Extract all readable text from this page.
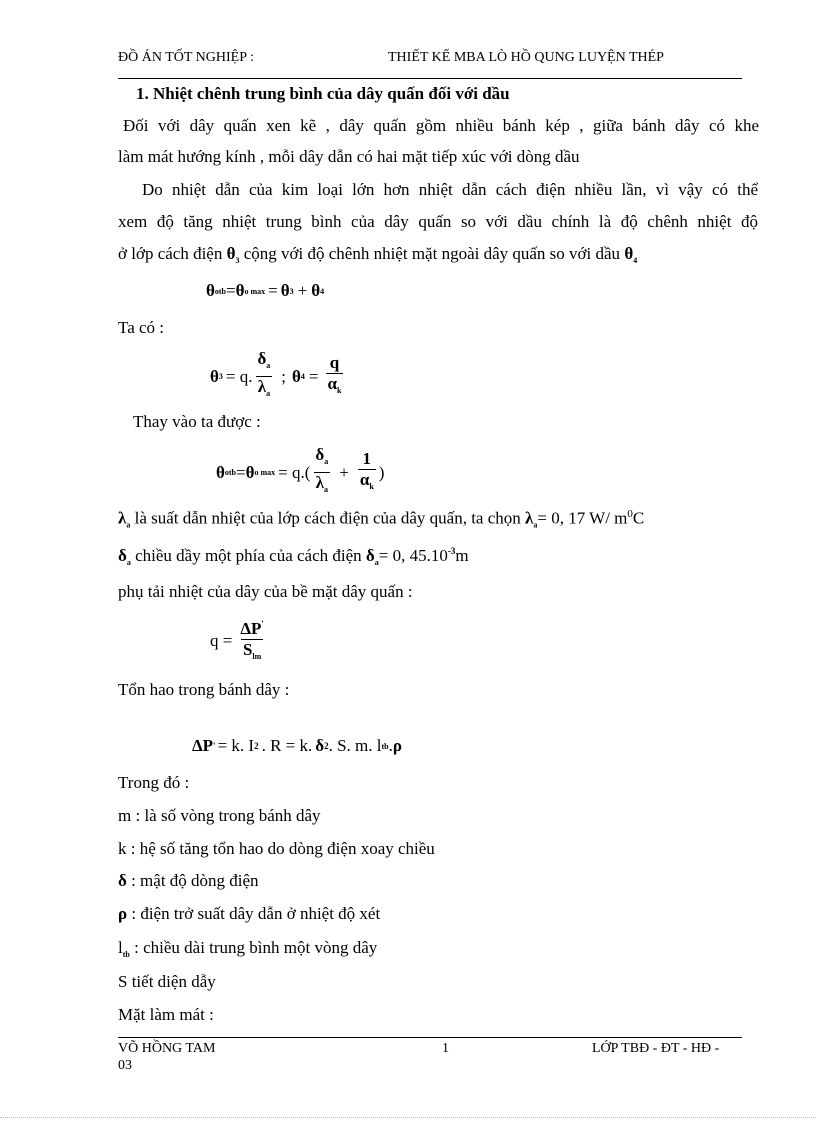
ĐỒ ÁN TỐT NGHIỆP :	THIẾT KẾ MBA LÒ HỒ QUNG LUYỆN THÉP
1. Nhiệt chênh trung bình của dây quấn đối với dầu
Đối với dây quấn xen kẽ , dây quấn gồm nhiều bánh kép , giữa bánh dây có khe
làm mát hướng kính , mỗi dây dẫn có hai mặt tiếp xúc với dòng dầu
Do nhiệt dẫn của kim loại lớn hơn nhiệt dẫn cách điện nhiều lần, vì vậy có thể
xem độ tăng nhiệt trung bình của dây quấn so với dầu chính là độ chênh nhiệt độ
ở lớp cách điện $\theta_3$ cộng với độ chênh nhiệt mặt ngoài dây quấn so với dầu $\theta_4$
θ otb = θ o max = θ 3 + θ 4
Ta có :
θ 3 = q. $\frac{\delta_a}{\lambda_a}$ ; θ $4 = \frac{q}{\alpha_k}$
Thay vào ta được :
θ otb = θ o $\max = q.( \frac{\delta_a}{\lambda_a} + \frac{1}{\alpha_k}$ )
$\lambda_a$ là suất dẫn nhiệt của lớp cách điện của dây quấn, ta chọn $\lambda_a= 0$, 17 W/ $m^0C$
$\delta_a$ chiều dầy một phía của cách điện $\delta_a= 0$, $45.10^{-3}m$
phụ tải nhiệt của dây của bề mặt dây quấn :
$q = \frac{\Delta P'}{S_{lm}}$
Tổn hao trong bánh dây :
ΔP ' = k. I 2 . R = k. δ 2 . S. m. l tb . ρ
Trong đó :
m : là số vòng trong bánh dây
k : hệ số tăng tổn hao do dòng điện xoay chiều
δ : mật độ dòng điện
ρ : điện trở suất dây dẫn ở nhiệt độ xét
$l_{tb}$ : chiều dài trung bình một vòng dây
S tiết diện dẫy
Mặt làm mát :
VÕ HỒNG TAM
03
1	LỚP TBĐ - ĐT - HĐ -
